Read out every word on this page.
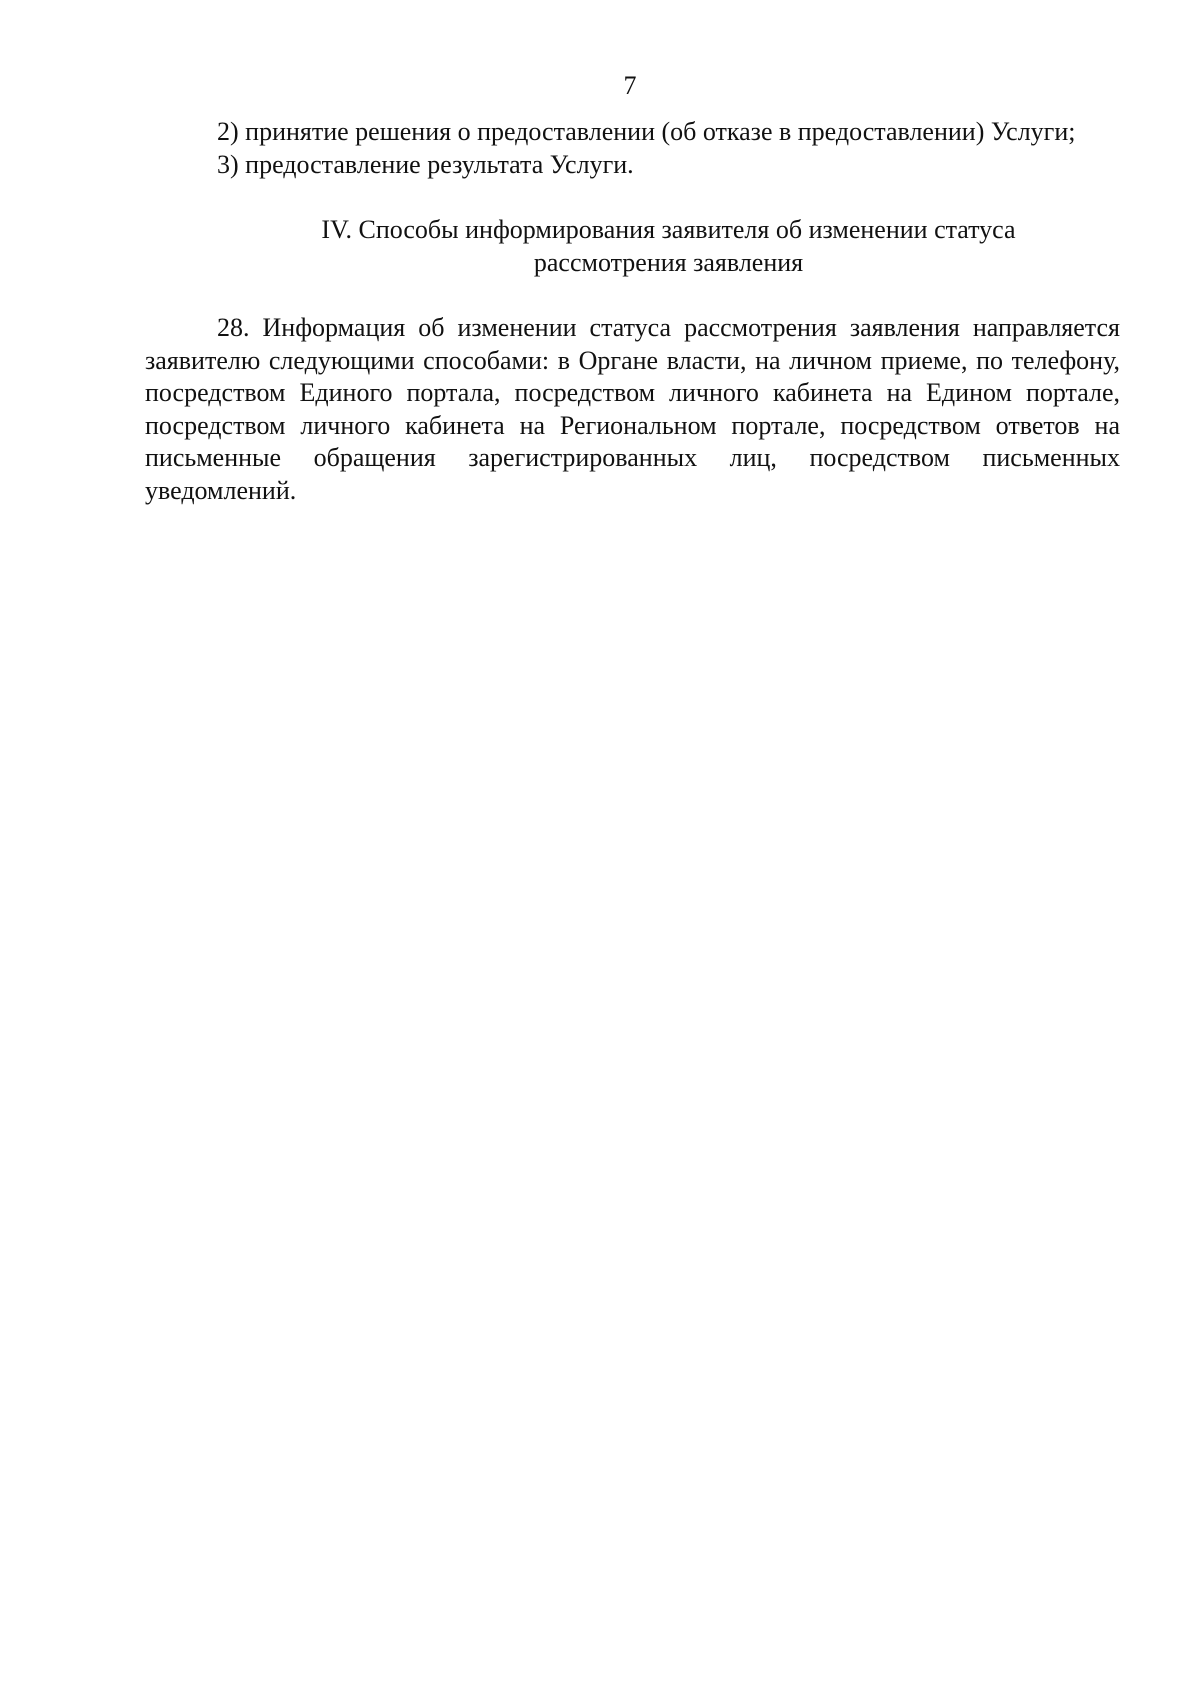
7

2) принятие решения о предоставлении (об отказе в предоставлении) Услуги;

3) предоставление результата Услуги.

IV. Способы информирования заявителя об изменении статуса
рассмотрения заявления

28. Информация об изменении статуса рассмотрения заявления направляется заявителю следующими способами: в Органе власти, на личном приеме, по телефону, посредством Единого портала, посредством личного кабинета на Едином портале, посредством личного кабинета на Региональном портале, посредством ответов на письменные обращения зарегистрированных лиц, посредством письменных уведомлений.
